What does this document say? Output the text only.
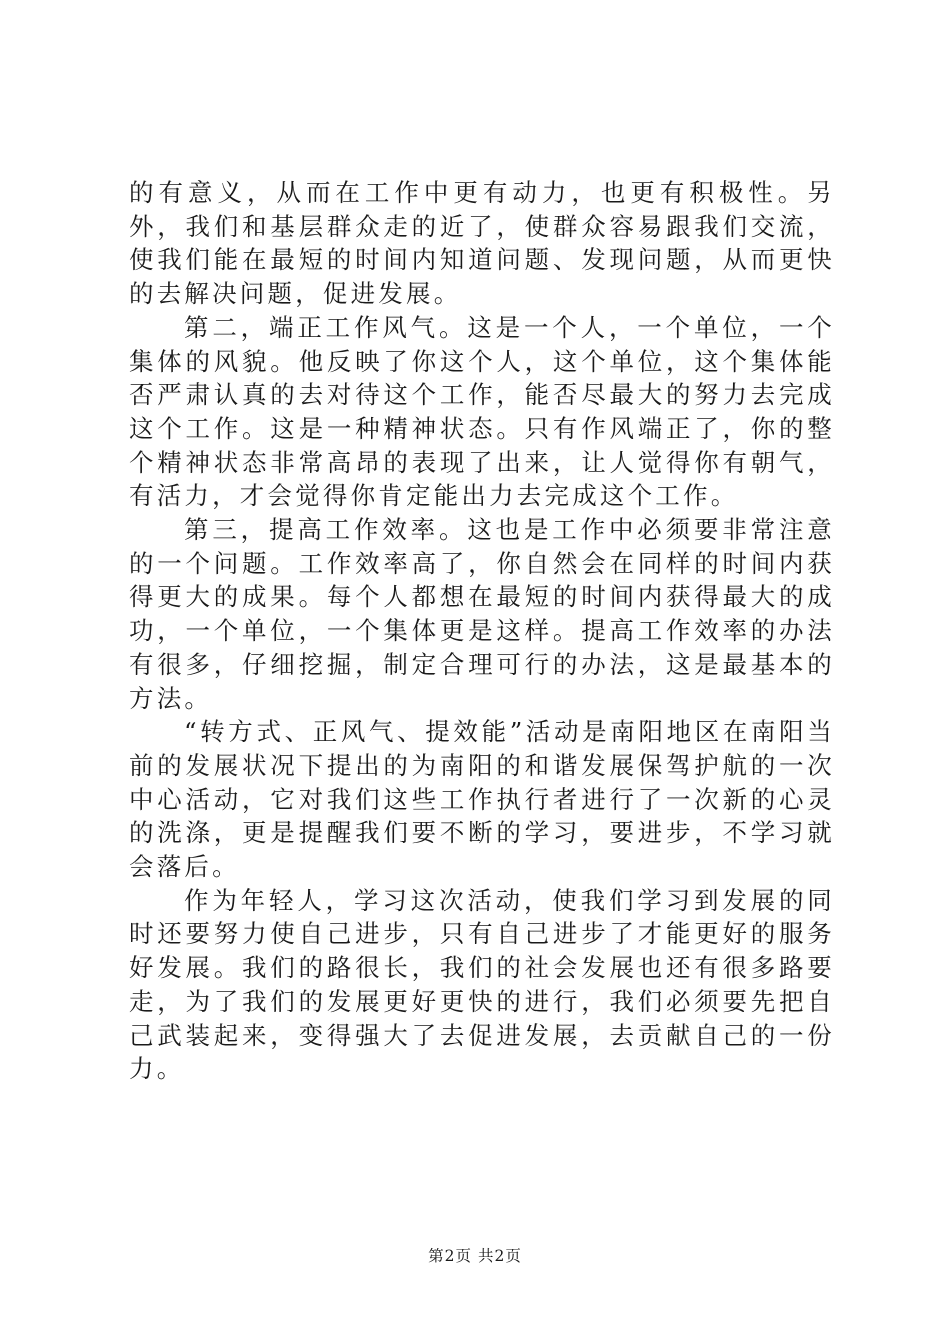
的有意义，从而在工作中更有动力，也更有积极性。另外，我们和基层群众走的近了，使群众容易跟我们交流，使我们能在最短的时间内知道问题、发现问题，从而更快的去解决问题，促进发展。

第二，端正工作风气。这是一个人，一个单位，一个集体的风貌。他反映了你这个人，这个单位，这个集体能否严肃认真的去对待这个工作，能否尽最大的努力去完成这个工作。这是一种精神状态。只有作风端正了，你的整个精神状态非常高昂的表现了出来，让人觉得你有朝气，有活力，才会觉得你肯定能出力去完成这个工作。

第三，提高工作效率。这也是工作中必须要非常注意的一个问题。工作效率高了，你自然会在同样的时间内获得更大的成果。每个人都想在最短的时间内获得最大的成功，一个单位，一个集体更是这样。提高工作效率的办法有很多，仔细挖掘，制定合理可行的办法，这是最基本的方法。

“转方式、正风气、提效能”活动是南阳地区在南阳当前的发展状况下提出的为南阳的和谐发展保驾护航的一次中心活动，它对我们这些工作执行者进行了一次新的心灵的洗涤，更是提醒我们要不断的学习，要进步，不学习就会落后。

作为年轻人，学习这次活动，使我们学习到发展的同时还要努力使自己进步，只有自己进步了才能更好的服务好发展。我们的路很长，我们的社会发展也还有很多路要走，为了我们的发展更好更快的进行，我们必须要先把自己武装起来，变得强大了去促进发展，去贡献自己的一份力。

第2页 共2页
